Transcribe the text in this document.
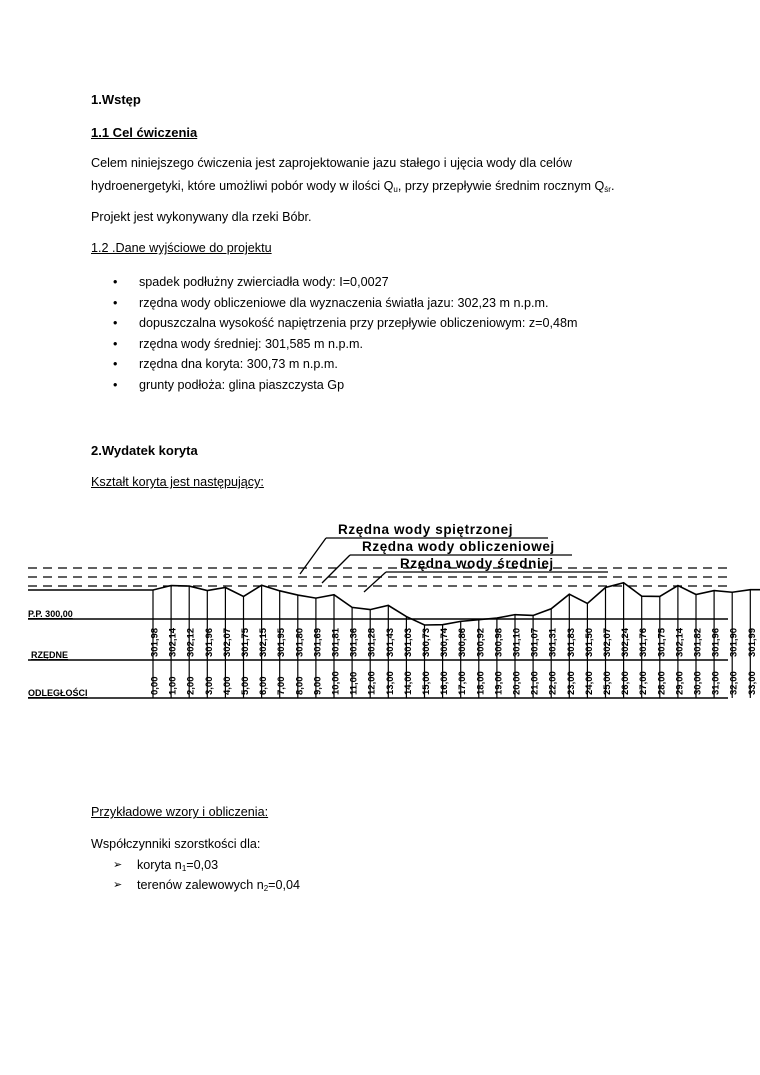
1.Wstęp
1.1 Cel ćwiczenia
Celem niniejszego ćwiczenia jest zaprojektowanie jazu stałego i ujęcia wody dla celów
hydroenergetyki, które umożliwi pobór wody w ilości $Q_u$, przy przepływie średnim rocznym $Q_{śr}$.
Projekt jest wykonywany dla rzeki Bóbr.
1.2 .Dane wyjściowe do projektu
• spadek podłużny zwierciadła wody: I=0,0027
• rzędna wody obliczeniowe dla wyznaczenia światła jazu: 302,23 m n.p.m.
• dopuszczalna wysokość napiętrzenia przy przepływie obliczeniowym: z=0,48m
• rzędna wody średniej: 301,585 m n.p.m.
• rzędna dna koryta: 300,73 m n.p.m.
• grunty podłoża: glina piaszczysta Gp
2.Wydatek koryta
Kształt koryta jest następujący:
Przykładowe wzory i obliczenia:
Współczynniki szorstkości dla:
➢ koryta $n_1=0,03$
➢ terenów zalewowych $n_2=0,04$
Rzędna wody spiętrzonej
Rzędna wody obliczeniowej
Rzędna wody średniej
P.P. 300,00
RZĘDNE
ODLEGŁOŚCI
301,98 302,14 302,12 301,96 302,07 301,75 302,15 301,95 301,80 301,69 301,81 301,36 301,28 301,43 301,03 300,73 300,74 300,86 300,92 300,98 301,10 301,07 301,31 301,83 301,50 302,07 302,24 301,76 301,75 302,14 301,82 301,96 301,90 301,99
0,00 1,00 2,00 3,00 4,00 5,00 6,00 7,00 8,00 9,00 10,00 11,00 12,00 13,00 14,00 15,00 16,00 17,00 18,00 19,00 20,00 21,00 22,00 23,00 24,00 25,00 26,00 27,00 28,00 29,00 30,00 31,00 32,00 33,00
